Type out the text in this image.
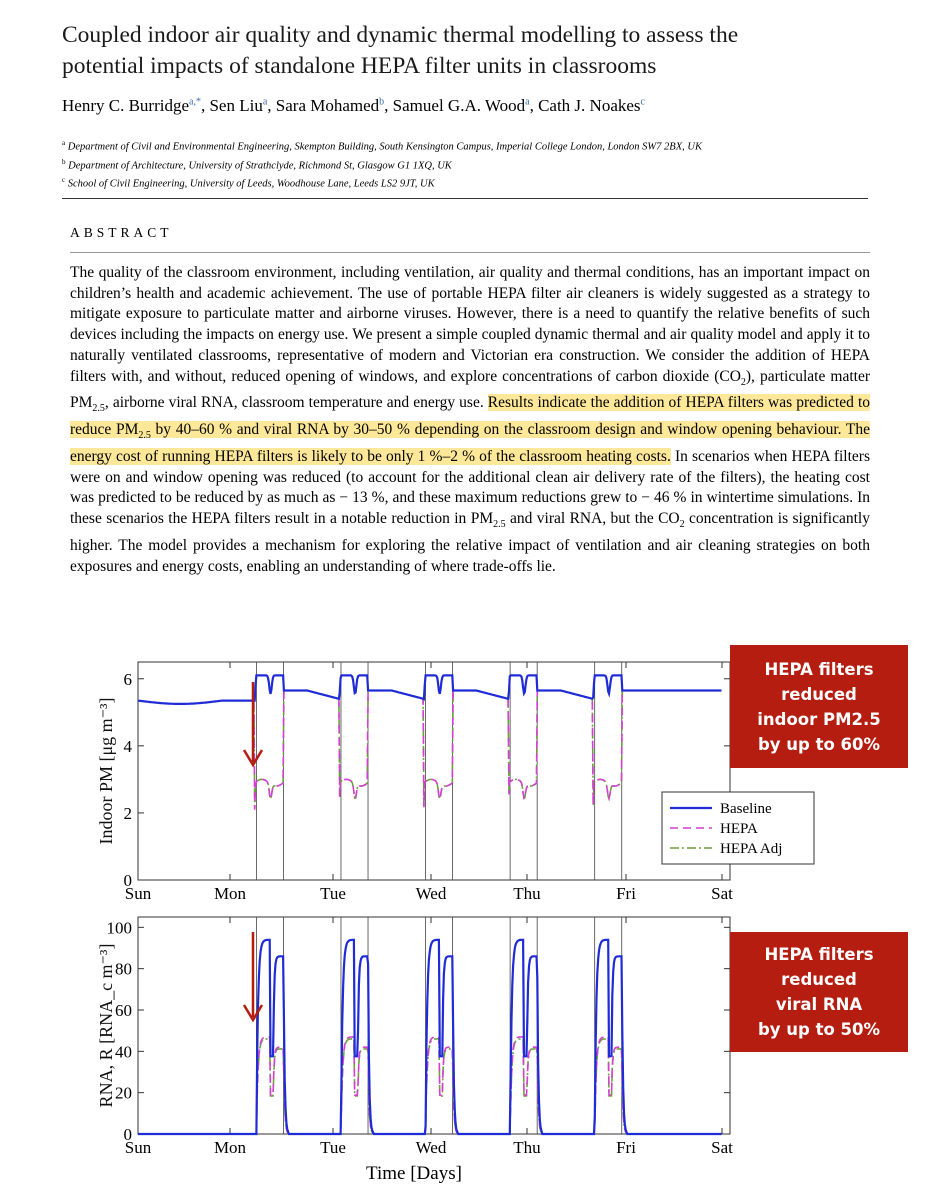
Coupled indoor air quality and dynamic thermal modelling to assess the
potential impacts of standalone HEPA filter units in classrooms
Henry C. Burridge$^{a,*}$, Sen Liu$^a$, Sara Mohamed$^b$, Samuel G.A. Wood$^a$, Cath J. Noakes$^c$
$^a$ Department of Civil and Environmental Engineering, Skempton Building, South Kensington Campus, Imperial College London, London SW7 2BX, UK
$^b$ Department of Architecture, University of Strathclyde, Richmond St, Glasgow G1 1XQ, UK
$^c$ School of Civil Engineering, University of Leeds, Woodhouse Lane, Leeds LS2 9JT, UK
ABSTRACT
The quality of the classroom environment, including ventilation, air quality and thermal conditions, has an important impact on children’s health and academic achievement. The use of portable HEPA filter air cleaners is widely suggested as a strategy to mitigate exposure to particulate matter and airborne viruses. However, there is a need to quantify the relative benefits of such devices including the impacts on energy use. We present a simple coupled dynamic thermal and air quality model and apply it to naturally ventilated classrooms, representative of modern and Victorian era construction. We consider the addition of HEPA filters with, and without, reduced opening of windows, and explore concentrations of carbon dioxide $(CO_2)$, particulate matter $PM_{2.5}$, airborne viral RNA, classroom temperature and energy use. Results indicate the addition of HEPA filters was predicted to reduce $PM_{2.5}$ by 40–60 % and viral RNA by 30–50 % depending on the classroom design and window opening behaviour. The energy cost of running HEPA filters is likely to be only 1 %–2 % of the classroom heating costs. In scenarios when HEPA filters were on and window opening was reduced (to account for the additional clean air delivery rate of the filters), the heating cost was predicted to be reduced by as much as − 13 %, and these maximum reductions grew to − 46 % in wintertime simulations. In these scenarios the HEPA filters result in a notable reduction in $PM_{2.5}$ and viral RNA, but the $CO_2$ concentration is significantly higher. The model provides a mechanism for exploring the relative impact of ventilation and air cleaning strategies on both exposures and energy costs, enabling an understanding of where trade-offs lie.
0
2
4
6
Sun	Mon	Tue	Wed	Thu	Fri	Sat
Indoor PM [μg m⁻³]	Baseline
HEPA
HEPA Adj
0
20
40
60
80
100
Sun	Mon	Tue	Wed	Thu	Fri	Sat
RNA, R [RNA_c m⁻³]
Time [Days]
HEPA filters
reduced
indoor PM2.5
by up to 60%
HEPA filters
reduced
viral RNA
by up to 50%
